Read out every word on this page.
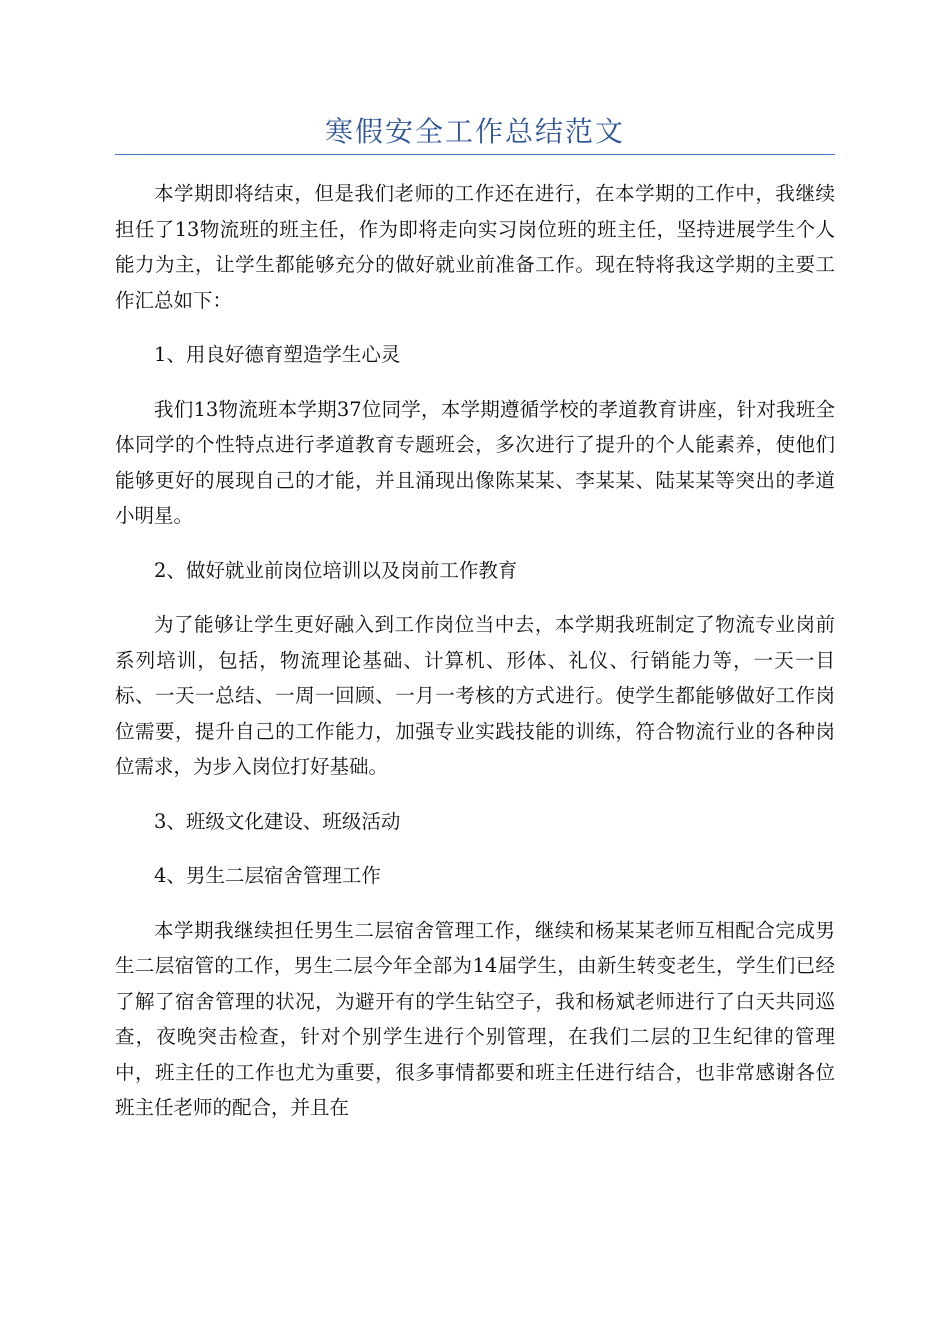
寒假安全工作总结范文

本学期即将结束，但是我们老师的工作还在进行，在本学期的工作中，我继续担任了13物流班的班主任，作为即将走向实习岗位班的班主任，坚持进展学生个人能力为主，让学生都能够充分的做好就业前准备工作。现在特将我这学期的主要工作汇总如下：

1、用良好德育塑造学生心灵

我们13物流班本学期37位同学，本学期遵循学校的孝道教育讲座，针对我班全体同学的个性特点进行孝道教育专题班会，多次进行了提升的个人能素养，使他们能够更好的展现自己的才能，并且涌现出像陈某某、李某某、陆某某等突出的孝道小明星。

2、做好就业前岗位培训以及岗前工作教育

为了能够让学生更好融入到工作岗位当中去，本学期我班制定了物流专业岗前系列培训，包括，物流理论基础、计算机、形体、礼仪、行销能力等，一天一目标、一天一总结、一周一回顾、一月一考核的方式进行。使学生都能够做好工作岗位需要，提升自己的工作能力，加强专业实践技能的训练，符合物流行业的各种岗位需求，为步入岗位打好基础。

3、班级文化建设、班级活动

4、男生二层宿舍管理工作

本学期我继续担任男生二层宿舍管理工作，继续和杨某某老师互相配合完成男生二层宿管的工作，男生二层今年全部为14届学生，由新生转变老生，学生们已经了解了宿舍管理的状况，为避开有的学生钻空子，我和杨斌老师进行了白天共同巡查，夜晚突击检查，针对个别学生进行个别管理，在我们二层的卫生纪律的管理中，班主任的工作也尤为重要，很多事情都要和班主任进行结合，也非常感谢各位班主任老师的配合，并且在
